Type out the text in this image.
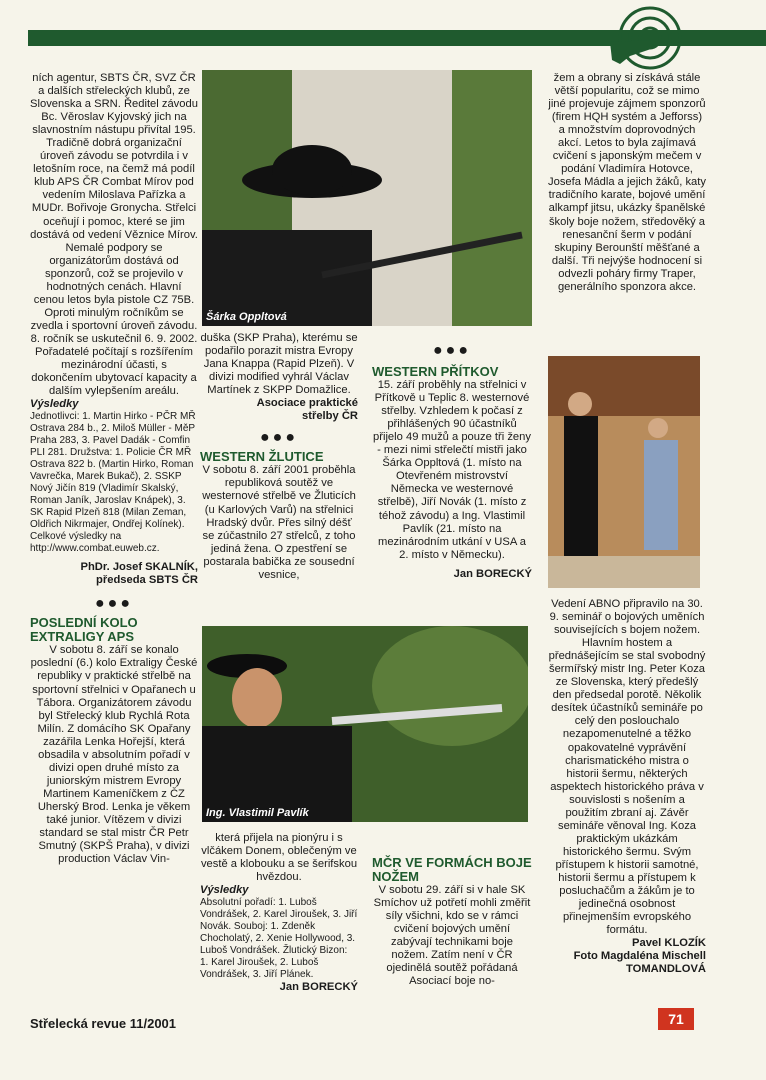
ních agentur, SBTS ČR, SVZ ČR a dalších střeleckých klubů, ze Slovenska a SRN. Ředitel závodu Bc. Věroslav Kyjovský jich na slavnostním nástupu přivítal 195.

Tradičně dobrá organizační úroveň závodu se potvrdila i v letošním roce, na čemž má podíl klub APS ČR Combat Mírov pod vedením Miloslava Pařízka a MUDr. Bořivoje Gronycha. Střelci oceňují i pomoc, které se jim dostává od vedení Věznice Mírov. Nemalé podpory se organizátorům dostává od sponzorů, což se projevilo v hodnotných cenách. Hlavní cenou letos byla pistole CZ 75B. Oproti minulým ročníkům se zvedla i sportovní úroveň závodu. 8. ročník se uskutečnil 6. 9. 2002. Pořadatelé počítají s rozšířením mezinárodní účasti, s dokončením ubytovací kapacity a dalším vylepšením areálu.

Výsledky

Jednotlivci: 1. Martin Hirko - PČR MŘ Ostrava 284 b., 2. Miloš Müller - MěP Praha 283, 3. Pavel Dadák - Comfin PLI 281. Družstva: 1. Policie ČR MŘ Ostrava 822 b. (Martin Hirko, Roman Vavrečka, Marek Bukač), 2. SSKP Nový Jičín 819 (Vladimír Skalský, Roman Janík, Jaroslav Knápek), 3. SK Rapid Plzeň 818 (Milan Zeman, Oldřich Nikrmajer, Ondřej Kolínek). Celkové výsledky na http://www.combat.euweb.cz.

PhDr. Josef SKALNÍK,

předseda SBTS ČR

●●●

POSLEDNÍ KOLO EXTRALIGY APS

V sobotu 8. září se konalo poslední (6.) kolo Extraligy České republiky v praktické střelbě na sportovní střelnici v Opařanech u Tábora. Organizátorem závodu byl Střelecký klub Rychlá Rota Milín. Z domácího SK Opařany zazářila Lenka Hořejší, která obsadila v absolutním pořadí v divizi open druhé místo za juniorským mistrem Evropy Martinem Kameníčkem z ČZ Uherský Brod. Lenka je věkem také junior. Vítězem v divizi standard se stal mistr ČR Petr Smutný (SKPŠ Praha), v divizi production Václav Vin-

Šárka Oppltová

duška (SKP Praha), kterému se podařilo porazit mistra Evropy Jana Knappa (Rapid Plzeň). V divizi modified vyhrál Václav Martínek z SKPP Domažlice.

Asociace praktické

střelby ČR

●●●

WESTERN ŽLUTICE

V sobotu 8. září 2001 proběhla republiková soutěž ve westernové střelbě ve Žluticích (u Karlových Varů) na střelnici Hradský dvůr. Přes silný déšť se zúčastnilo 27 střelců, z toho jediná žena. O zpestření se postarala babička ze sousední vesnice,

Ing. Vlastimil Pavlík

která přijela na pionýru i s vlčákem Donem, oblečeným ve vestě a klobouku a se šerifskou hvězdou.

Výsledky

Absolutní pořadí: 1. Luboš Vondrášek, 2. Karel Jiroušek, 3. Jiří Novák. Souboj: 1. Zdeněk Chocholatý, 2. Xenie Hollywood, 3. Luboš Vondrášek. Žlutický Bizon: 1. Karel Jiroušek, 2. Luboš Vondrášek, 3. Jiří Plánek.

Jan BORECKÝ

●●●

WESTERN PŘÍTKOV

15. září proběhly na střelnici v Přítkově u Teplic 8. westernové střelby. Vzhledem k počasí z přihlášených 90 účastníků přijelo 49 mužů a pouze tři ženy - mezi nimi střelečtí mistři jako Šárka Oppltová (1. místo na Otevřeném mistrovství Německa ve westernové střelbě), Jiří Novák (1. místo z téhož závodu) a Ing. Vlastimil Pavlík (21. místo na mezinárodním utkání v USA a 2. místo v Německu).

Jan BORECKÝ

MČR VE FORMÁCH BOJE NOŽEM

V sobotu 29. září si v hale SK Smíchov už potřetí mohli změřit síly všichni, kdo se v rámci cvičení bojových umění zabývají technikami boje nožem. Zatím není v ČR ojedinělá soutěž pořádaná Asociací boje no-

žem a obrany si získává stále větší popularitu, což se mimo jiné projevuje zájmem sponzorů (firem HQH systém a Jefforss) a množstvím doprovodných akcí. Letos to byla zajímavá cvičení s japonským mečem v podání Vladimíra Hotovce, Josefa Mádla a jejich žáků, katy tradičního karate, bojové umění alkampf jitsu, ukázky španělské školy boje nožem, středověký a renesanční šerm v podání skupiny Berounští měšťané a další. Tři nejvýše hodnocení si odvezli poháry firmy Traper, generálního sponzora akce.

Vedení ABNO připravilo na 30. 9. seminář o bojových uměních souvisejících s bojem nožem. Hlavním hostem a přednášejícím se stal svobodný šermířský mistr Ing. Peter Koza ze Slovenska, který předešlý den předsedal porotě. Několik desítek účastníků semináře po celý den poslouchalo nezapomenutelné a těžko opakovatelné vyprávění charismatického mistra o historii šermu, některých aspektech historického práva v souvislosti s nošením a použitím zbraní aj. Závěr semináře věnoval Ing. Koza praktickým ukázkám historického šermu. Svým přístupem k historii samotné, historii šermu a přístupem k posluchačům a žákům je to jedinečná osobnost přinejmenším evropského formátu.

Pavel KLOZÍK

Foto Magdaléna Mischell

TOMANDLOVÁ

Střelecká revue 11/2001	71
